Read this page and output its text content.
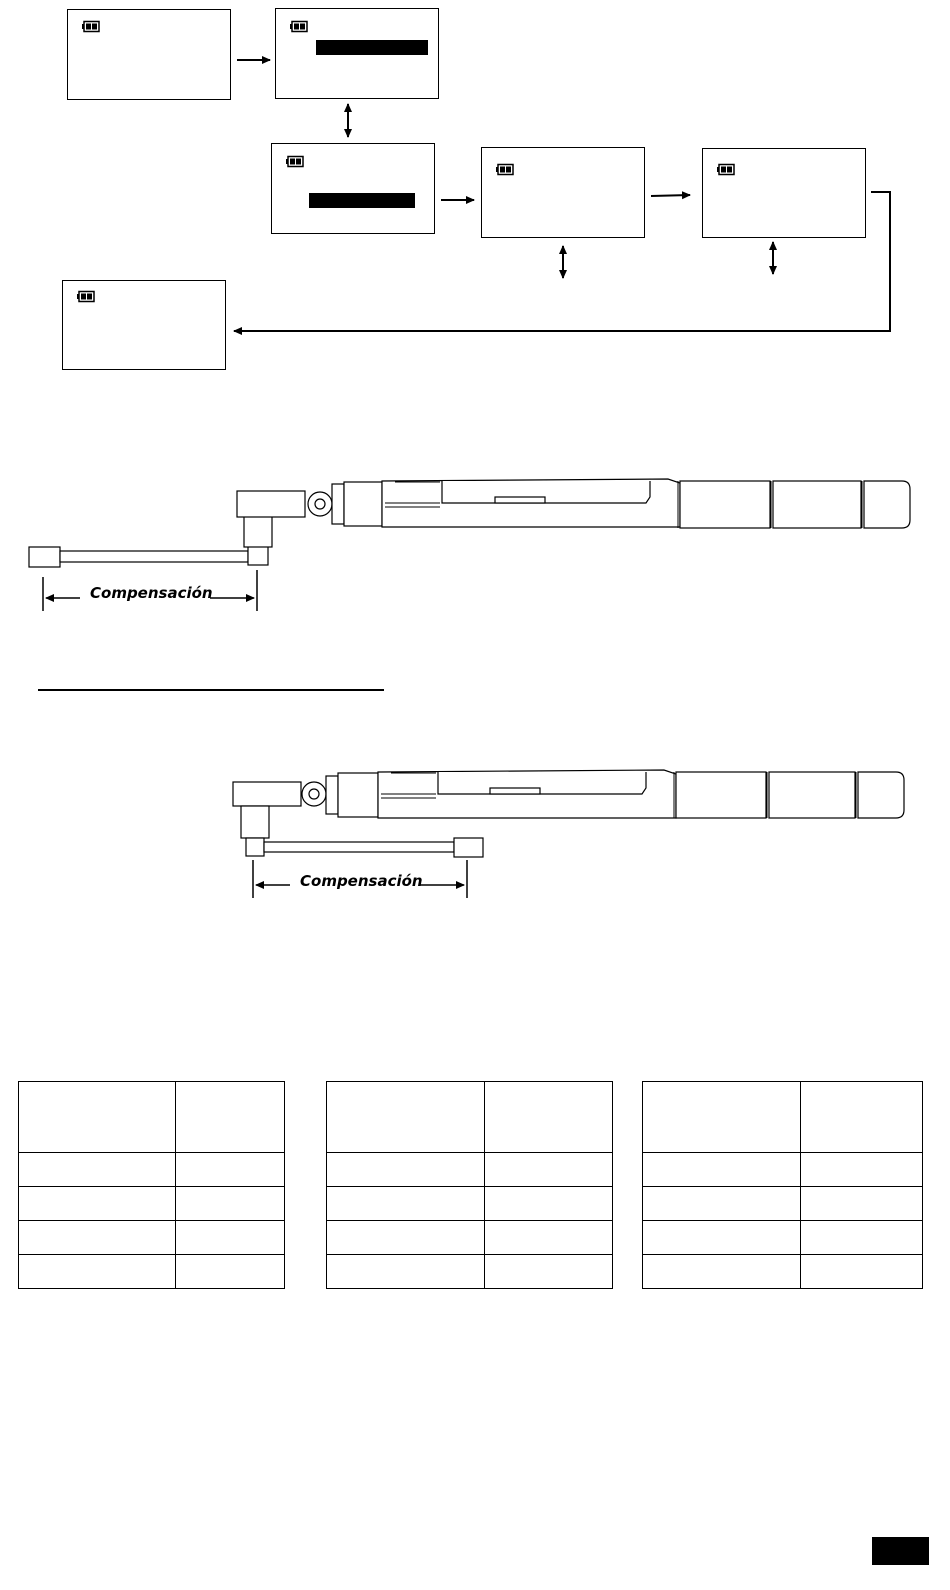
Compensación
Compensación
